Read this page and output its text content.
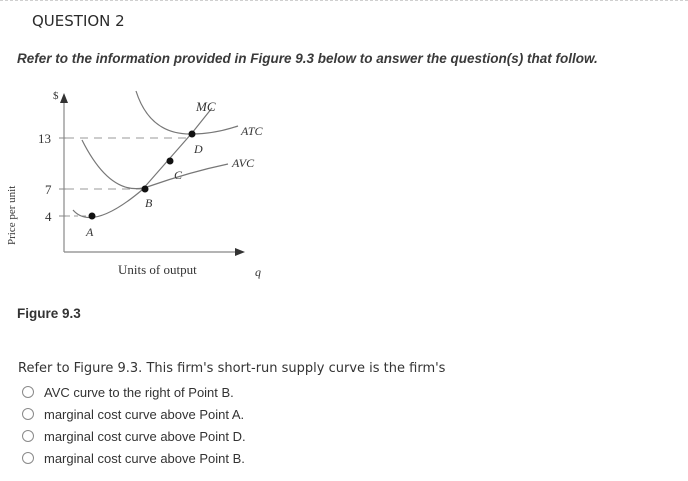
QUESTION 2
Refer to the information provided in Figure 9.3 below to answer the question(s) that follow.
$
13
7
4
Price per unit
MC
ATC
AVC
A
B
C
D
Units of output	q
Figure 9.3
Refer to Figure 9.3. This firm's short-run supply curve is the firm's
AVC curve to the right of Point B.
marginal cost curve above Point A.
marginal cost curve above Point D.
marginal cost curve above Point B.
